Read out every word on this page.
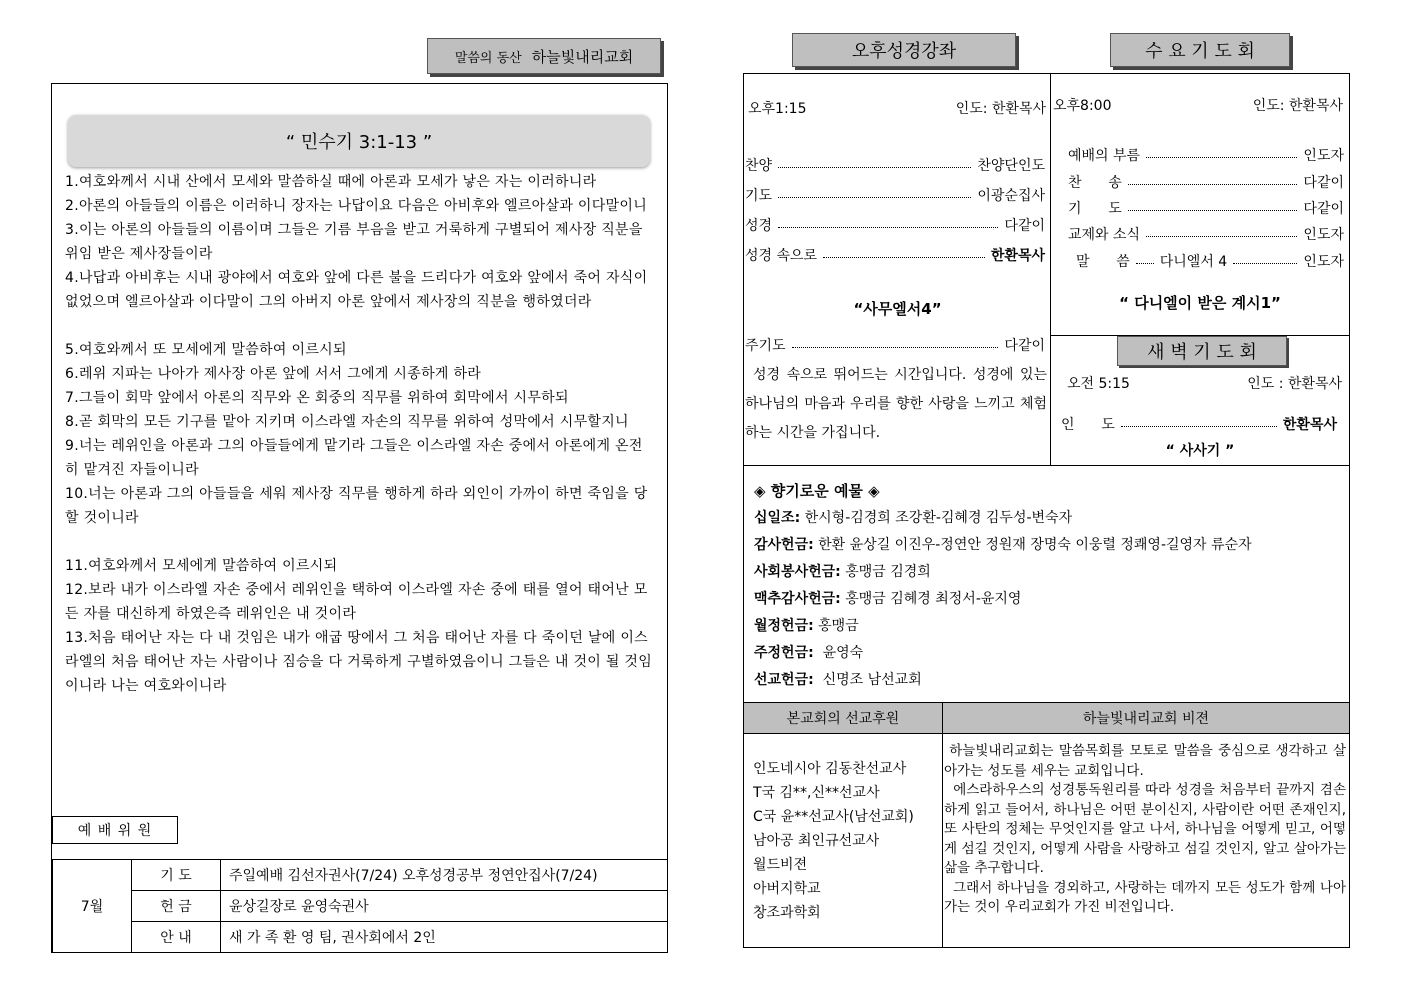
말씀의 동산 하늘빛내리교회
“ 민수기 3:1-13 ”

1.여호와께서 시내 산에서 모세와 말씀하실 때에 아론과 모세가 낳은 자는 이러하니라

2.아론의 아들들의 이름은 이러하니 장자는 나답이요 다음은 아비후와 엘르아살과 이다말이니

3.이는 아론의 아들들의 이름이며 그들은 기름 부음을 받고 거룩하게 구별되어 제사장 직분을 위임 받은 제사장들이라

4.나답과 아비후는 시내 광야에서 여호와 앞에 다른 불을 드리다가 여호와 앞에서 죽어 자식이 없었으며 엘르아살과 이다말이 그의 아버지 아론 앞에서 제사장의 직분을 행하였더라

5.여호와께서 또 모세에게 말씀하여 이르시되

6.레위 지파는 나아가 제사장 아론 앞에 서서 그에게 시종하게 하라

7.그들이 회막 앞에서 아론의 직무와 온 회중의 직무를 위하여 회막에서 시무하되

8.곧 회막의 모든 기구를 맡아 지키며 이스라엘 자손의 직무를 위하여 성막에서 시무할지니

9.너는 레위인을 아론과 그의 아들들에게 맡기라 그들은 이스라엘 자손 중에서 아론에게 온전히 맡겨진 자들이니라

10.너는 아론과 그의 아들들을 세워 제사장 직무를 행하게 하라 외인이 가까이 하면 죽임을 당할 것이니라

11.여호와께서 모세에게 말씀하여 이르시되

12.보라 내가 이스라엘 자손 중에서 레위인을 택하여 이스라엘 자손 중에 태를 열어 태어난 모든 자를 대신하게 하였은즉 레위인은 내 것이라

13.처음 태어난 자는 다 내 것임은 내가 애굽 땅에서 그 처음 태어난 자를 다 죽이던 날에 이스라엘의 처음 태어난 자는 사람이나 짐승을 다 거룩하게 구별하였음이니 그들은 내 것이 될 것임이니라 나는 여호와이니라

예 배 위 원
7월	기 도	주일예배 김선자권사(7/24) 오후성경공부 정연안집사(7/24)
	헌 금	윤상길장로 윤영숙권사
	안 내	새 가 족 환 영 팀, 권사회에서 2인
오후성경강좌	수 요 기 도 회
오후1:15	인도: 한환목사
찬양	찬양단인도
기도	이광순집사
성경	다같이
성경 속으로	한환목사
“사무엘서4”
주기도	다같이
성경 속으로 뛰어드는 시간입니다. 성경에 있는 하나님의 마음과 우리를 향한 사랑을 느끼고 체험하는 시간을 가집니다.
오후8:00	인도: 한환목사
예배의 부름	인도자
찬      송	다같이
기      도	다같이
교제와 소식	인도자
말      씀 다니엘서 4	인도자
“ 다니엘이 받은 계시1”
새 벽 기 도 회
오전 5:15	인도 : 한환목사
인      도	한환목사
“ 사사기 ”
◈ 향기로운 예물 ◈

십일조: 한시형-김경희 조강환-김혜경 김두성-변숙자

감사헌금: 한환 윤상길 이진우-정연안 정원재 장명숙 이웅렬 정쾌영-길영자 류순자

사회봉사헌금: 홍맹금 김경희

맥추감사헌금: 홍맹금 김혜경 최정서-윤지영

월정헌금: 홍맹금

주정헌금:  윤영숙

선교헌금:  신명조 남선교회

본교회의 선교후원	하늘빛내리교회 비젼
인도네시아 김동찬선교사
T국 김**,신**선교사
C국 윤**선교사(남선교회)
남아공 최인규선교사
월드비젼
아버지학교
창조과학회
하늘빛내리교회는 말씀목회를 모토로 말씀을 중심으로 생각하고 살아가는 성도를 세우는 교회입니다.
에스라하우스의 성경통독원리를 따라 성경을 처음부터 끝까지 겸손하게 읽고 들어서, 하나님은 어떤 분이신지, 사람이란 어떤 존재인지, 또 사탄의 정체는 무엇인지를 알고 나서, 하나님을 어떻게 믿고, 어떻게 섬길 것인지, 어떻게 사람을 사랑하고 섬길 것인지, 알고 살아가는 삶을 추구합니다.
그래서 하나님을 경외하고, 사랑하는 데까지 모든 성도가 함께 나아가는 것이 우리교회가 가진 비전입니다.
